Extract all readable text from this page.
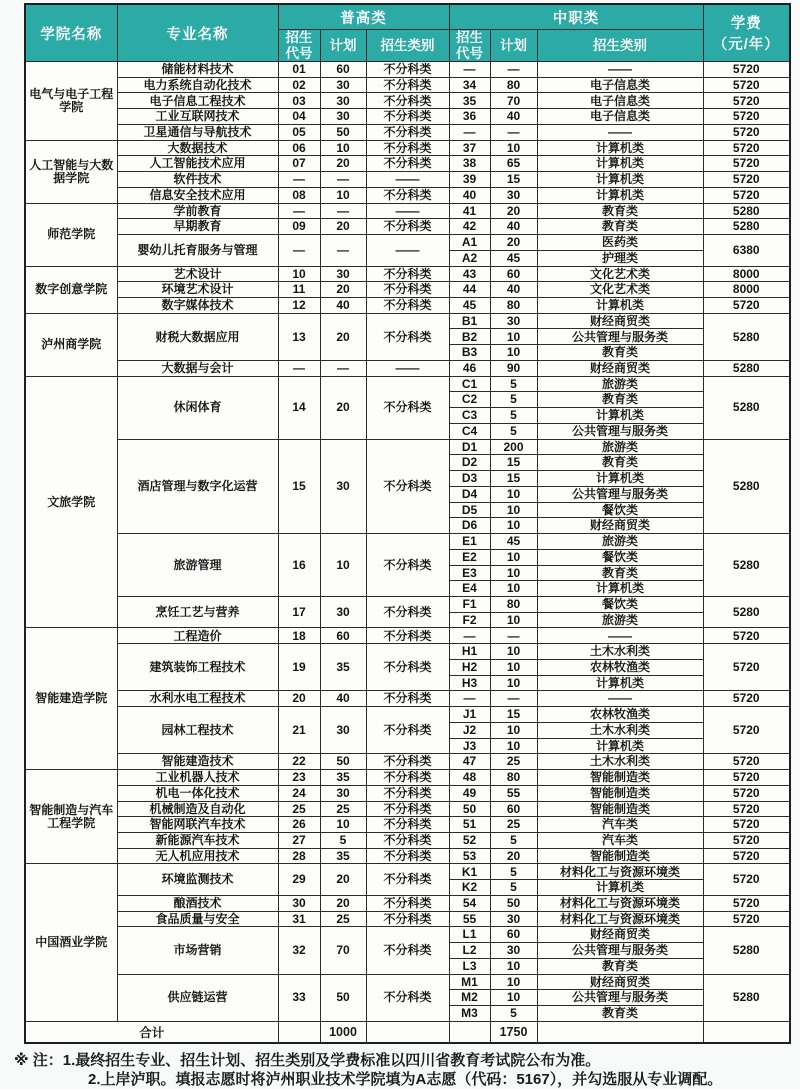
学院名称	专业名称	普高类			中职类			学费
（元/年）

		招生代号	计划	招生类别	招生代号	计划	招生类别	
电气与电子工程学院	储能材料技术	01	60	不分科类	—	—	——	5720
	电力系统自动化技术	02	30	不分科类	34	80	电子信息类	5720
	电子信息工程技术	03	30	不分科类	35	70	电子信息类	5720
	工业互联网技术	04	30	不分科类	36	40	电子信息类	5720
	卫星通信与导航技术	05	50	不分科类	—	—	——	5720
人工智能与大数据学院	大数据技术	06	10	不分科类	37	10	计算机类	5720
	人工智能技术应用	07	20	不分科类	38	65	计算机类	5720
	软件技术	—	—	——	39	15	计算机类	5720
	信息安全技术应用	08	10	不分科类	40	30	计算机类	5720
师范学院	学前教育	—	—	——	41	20	教育类	5280
	早期教育	09	20	不分科类	42	40	教育类	5280
	婴幼儿托育服务与管理	—	—	——	A1	20	医药类	6380
					A2	45	护理类	
数字创意学院	艺术设计	10	30	不分科类	43	60	文化艺术类	8000
	环境艺术设计	11	20	不分科类	44	40	文化艺术类	8000
	数字媒体技术	12	40	不分科类	45	80	计算机类	5720
泸州商学院	财税大数据应用	13	20	不分科类	B1	30	财经商贸类	5280
					B2	10	公共管理与服务类	
					B3	10	教育类	
	大数据与会计	—	—	——	46	90	财经商贸类	5280
文旅学院	休闲体育	14	20	不分科类	C1	5	旅游类	5280
					C2	5	教育类	
					C3	5	计算机类	
					C4	5	公共管理与服务类	
	酒店管理与数字化运营	15	30	不分科类	D1	200	旅游类	5280
					D2	15	教育类	
					D3	15	计算机类	
					D4	10	公共管理与服务类	
					D5	10	餐饮类	
					D6	10	财经商贸类	
	旅游管理	16	10	不分科类	E1	45	旅游类	5280
					E2	10	餐饮类	
					E3	10	教育类	
					E4	10	计算机类	
	烹饪工艺与营养	17	30	不分科类	F1	80	餐饮类	5280
					F2	10	旅游类	
智能建造学院	工程造价	18	60	不分科类	—	—	——	5720
	建筑装饰工程技术	19	35	不分科类	H1	10	土木水利类	5720
					H2	10	农林牧渔类	
					H3	10	计算机类	
	水利水电工程技术	20	40	不分科类	—	—	——	5720
	园林工程技术	21	30	不分科类	J1	15	农林牧渔类	5720
					J2	10	土木水利类	
					J3	10	计算机类	
	智能建造技术	22	50	不分科类	47	25	土木水利类	5720
智能制造与汽车工程学院	工业机器人技术	23	35	不分科类	48	80	智能制造类	5720
	机电一体化技术	24	30	不分科类	49	55	智能制造类	5720
	机械制造及自动化	25	25	不分科类	50	60	智能制造类	5720
	智能网联汽车技术	26	10	不分科类	51	25	汽车类	5720
	新能源汽车技术	27	5	不分科类	52	5	汽车类	5720
	无人机应用技术	28	35	不分科类	53	20	智能制造类	5720
中国酒业学院	环境监测技术	29	20	不分科类	K1	5	材料化工与资源环境类	5720
					K2	5	计算机类	
	酿酒技术	30	20	不分科类	54	50	材料化工与资源环境类	5720
	食品质量与安全	31	25	不分科类	55	30	材料化工与资源环境类	5720
	市场营销	32	70	不分科类	L1	60	财经商贸类	5280
					L2	30	公共管理与服务类	
					L3	10	教育类	
	供应链运营	33	50	不分科类	M1	10	财经商贸类	5280
					M2	10	公共管理与服务类	
					M3	5	教育类	
合计			1000			1750		
※ 注：1.最终招生专业、招生计划、招生类别及学费标准以四川省教育考试院公布为准。
2.上岸泸职。填报志愿时将泸州职业技术学院填为A志愿（代码：5167），并勾选服从专业调配。
